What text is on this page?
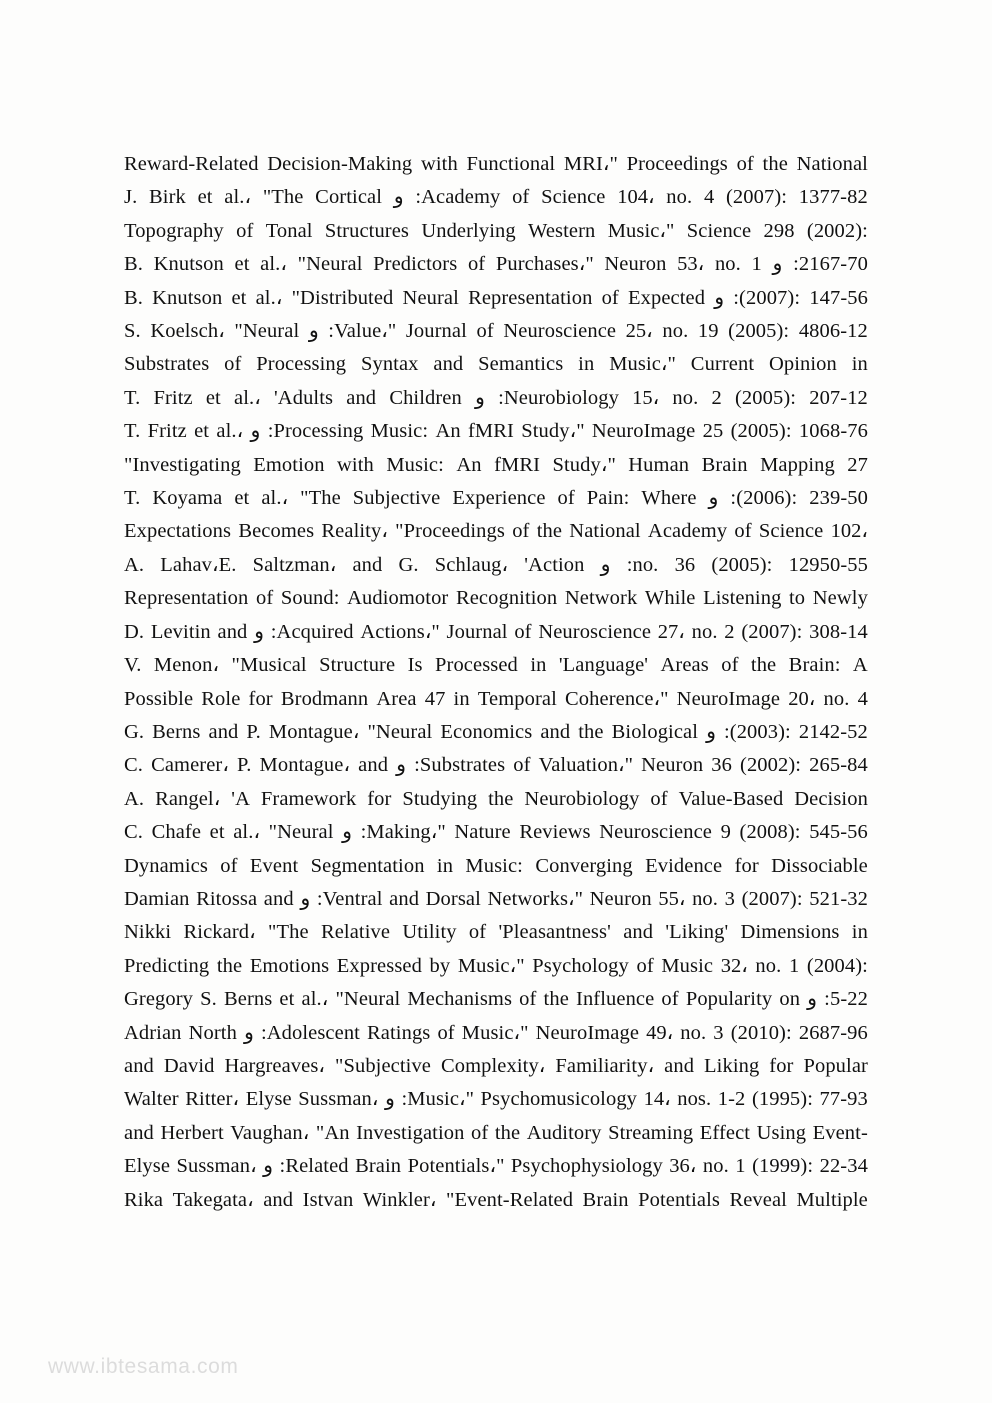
Reward-Related Decision-Making with Functional MRI،" Proceedings of the National
J. Birk et al.، "The Cortical و :Academy of Science 104، no. 4 (2007): 1377-82
Topography of Tonal Structures Underlying Western Music،" Science 298 (2002):
B. Knutson et al.، "Neural Predictors of Purchases،" Neuron 53، no. 1 و :2167-70
B. Knutson et al.، "Distributed Neural Representation of Expected و :(2007): 147-56
S. Koelsch، "Neural و :Value،" Journal of Neuroscience 25، no. 19 (2005): 4806-12
Substrates of Processing Syntax and Semantics in Music،" Current Opinion in
T. Fritz et al.، 'Adults and Children و :Neurobiology 15، no. 2 (2005): 207-12
T. Fritz et al.، و :Processing Music: An fMRI Study،" NeuroImage 25 (2005): 1068-76
"Investigating Emotion with Music: An fMRI Study،" Human Brain Mapping 27
T. Koyama et al.، "The Subjective Experience of Pain: Where و :(2006): 239-50
Expectations Becomes Reality، "Proceedings of the National Academy of Science 102،
A. Lahav،E. Saltzman، and G. Schlaug، 'Action و :no. 36 (2005): 12950-55
Representation of Sound: Audiomotor Recognition Network While Listening to Newly
D. Levitin and و :Acquired Actions،" Journal of Neuroscience 27، no. 2 (2007): 308-14
V. Menon، "Musical Structure Is Processed in 'Language' Areas of the Brain: A
Possible Role for Brodmann Area 47 in Temporal Coherence،" NeuroImage 20، no. 4
G. Berns and P. Montague، "Neural Economics and the Biological و :(2003): 2142-52
C. Camerer، P. Montague، and و :Substrates of Valuation،" Neuron 36 (2002): 265-84
A. Rangel، 'A Framework for Studying the Neurobiology of Value-Based Decision
C. Chafe et al.، "Neural و :Making،" Nature Reviews Neuroscience 9 (2008): 545-56
Dynamics of Event Segmentation in Music: Converging Evidence for Dissociable
Damian Ritossa and و :Ventral and Dorsal Networks،" Neuron 55، no. 3 (2007): 521-32
Nikki Rickard، "The Relative Utility of 'Pleasantness' and 'Liking' Dimensions in
Predicting the Emotions Expressed by Music،" Psychology of Music 32، no. 1 (2004):
Gregory S. Berns et al.، "Neural Mechanisms of the Influence of Popularity on و :5-22
Adrian North و :Adolescent Ratings of Music،" NeuroImage 49، no. 3 (2010): 2687-96
and David Hargreaves، "Subjective Complexity، Familiarity، and Liking for Popular
Walter Ritter، Elyse Sussman، و :Music،" Psychomusicology 14، nos. 1-2 (1995): 77-93
and Herbert Vaughan، "An Investigation of the Auditory Streaming Effect Using Event-
Elyse Sussman، و :Related Brain Potentials،" Psychophysiology 36، no. 1 (1999): 22-34
Rika Takegata، and Istvan Winkler، "Event-Related Brain Potentials Reveal Multiple
www.ibtesama.com
